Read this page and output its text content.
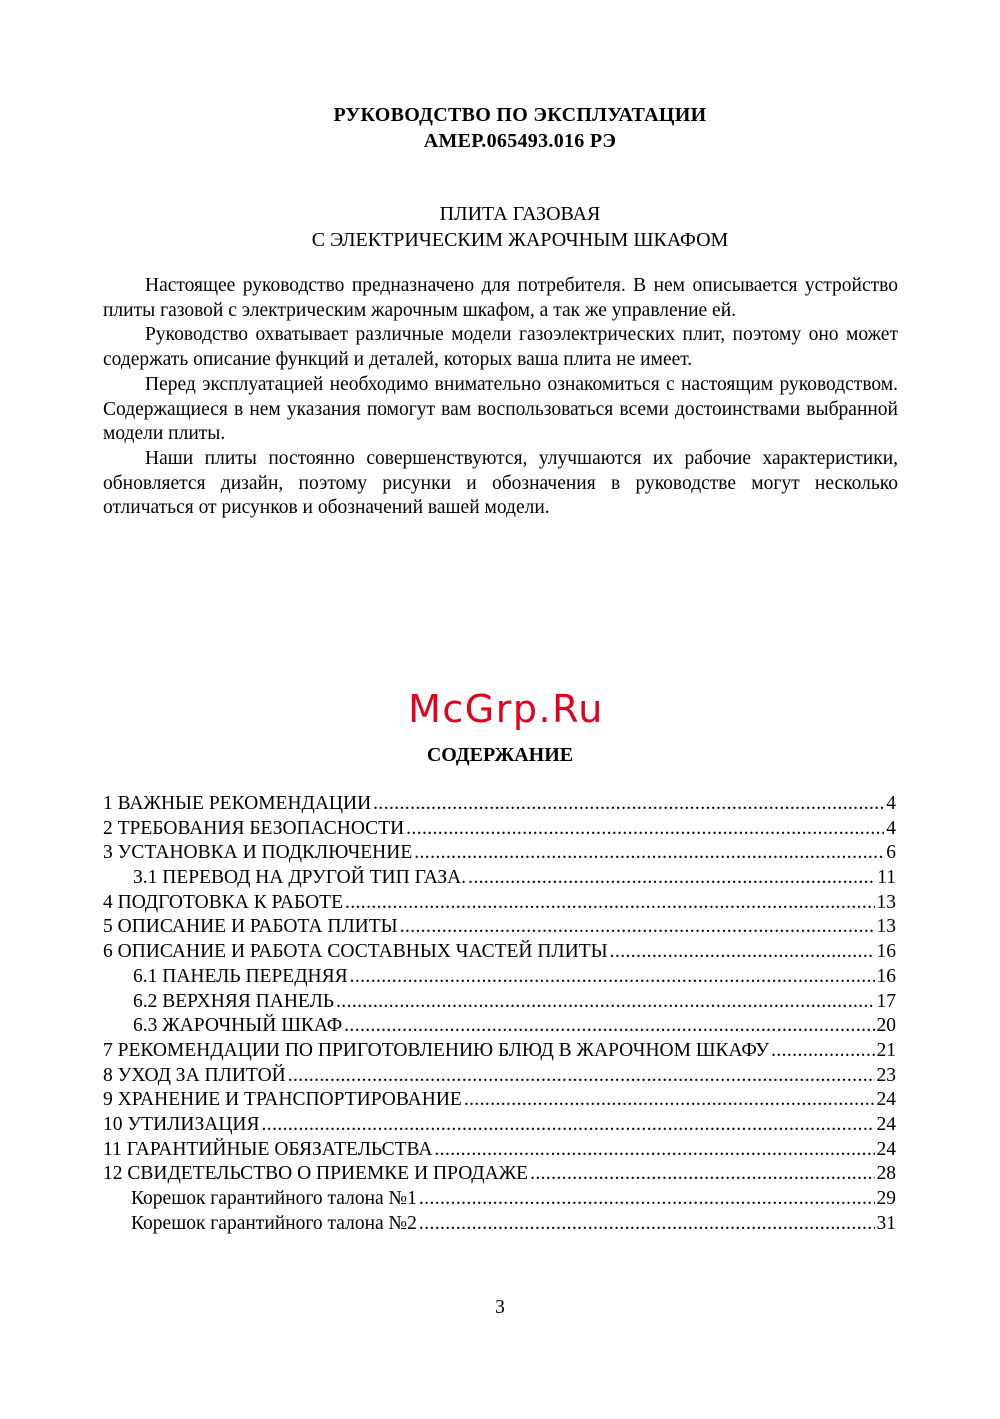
РУКОВОДСТВО ПО ЭКСПЛУАТАЦИИ
АМЕР.065493.016 РЭ
ПЛИТА ГАЗОВАЯ
С ЭЛЕКТРИЧЕСКИМ ЖАРОЧНЫМ ШКАФОМ

Настоящее руководство предназначено для потребителя. В нем описывается устройство плиты газовой с электрическим жарочным шкафом, а так же управление ей.

Руководство охватывает различные модели газоэлектрических плит, поэтому оно может содержать описание функций и деталей, которых ваша плита не имеет.

Перед эксплуатацией необходимо внимательно ознакомиться с настоящим руководством. Содержащиеся в нем указания помогут вам воспользоваться всеми достоинствами выбранной модели плиты.

Наши плиты постоянно совершенствуются, улучшаются их рабочие характеристики, обновляется дизайн, поэтому рисунки и обозначения в руководстве могут несколько отличаться от рисунков и обозначений вашей модели.

McGrp.Ru
СОДЕРЖАНИЕ
1 ВАЖНЫЕ РЕКОМЕНДАЦИИ .....	4
2 ТРЕБОВАНИЯ БЕЗОПАСНОСТИ .....	4
3 УСТАНОВКА И ПОДКЛЮЧЕНИЕ .....	6
3.1 ПЕРЕВОД НА ДРУГОЙ ТИП ГАЗА. .....	11
4 ПОДГОТОВКА К РАБОТЕ .....	13
5 ОПИСАНИЕ И РАБОТА ПЛИТЫ .....	13
6 ОПИСАНИЕ И РАБОТА СОСТАВНЫХ ЧАСТЕЙ ПЛИТЫ .....	16
6.1 ПАНЕЛЬ ПЕРЕДНЯЯ .....	16
6.2 ВЕРХНЯЯ ПАНЕЛЬ .....	17
6.3 ЖАРОЧНЫЙ ШКАФ .....	20
7 РЕКОМЕНДАЦИИ ПО ПРИГОТОВЛЕНИЮ БЛЮД В ЖАРОЧНОМ ШКАФУ .....	21
8 УХОД ЗА ПЛИТОЙ .....	23
9 ХРАНЕНИЕ И ТРАНСПОРТИРОВАНИЕ .....	24
10 УТИЛИЗАЦИЯ .....	24
11 ГАРАНТИЙНЫЕ ОБЯЗАТЕЛЬСТВА .....	24
12 СВИДЕТЕЛЬСТВО О ПРИЕМКЕ И ПРОДАЖЕ .....	28
Корешок гарантийного талона №1 .....	29
Корешок гарантийного талона №2 .....	31
3
